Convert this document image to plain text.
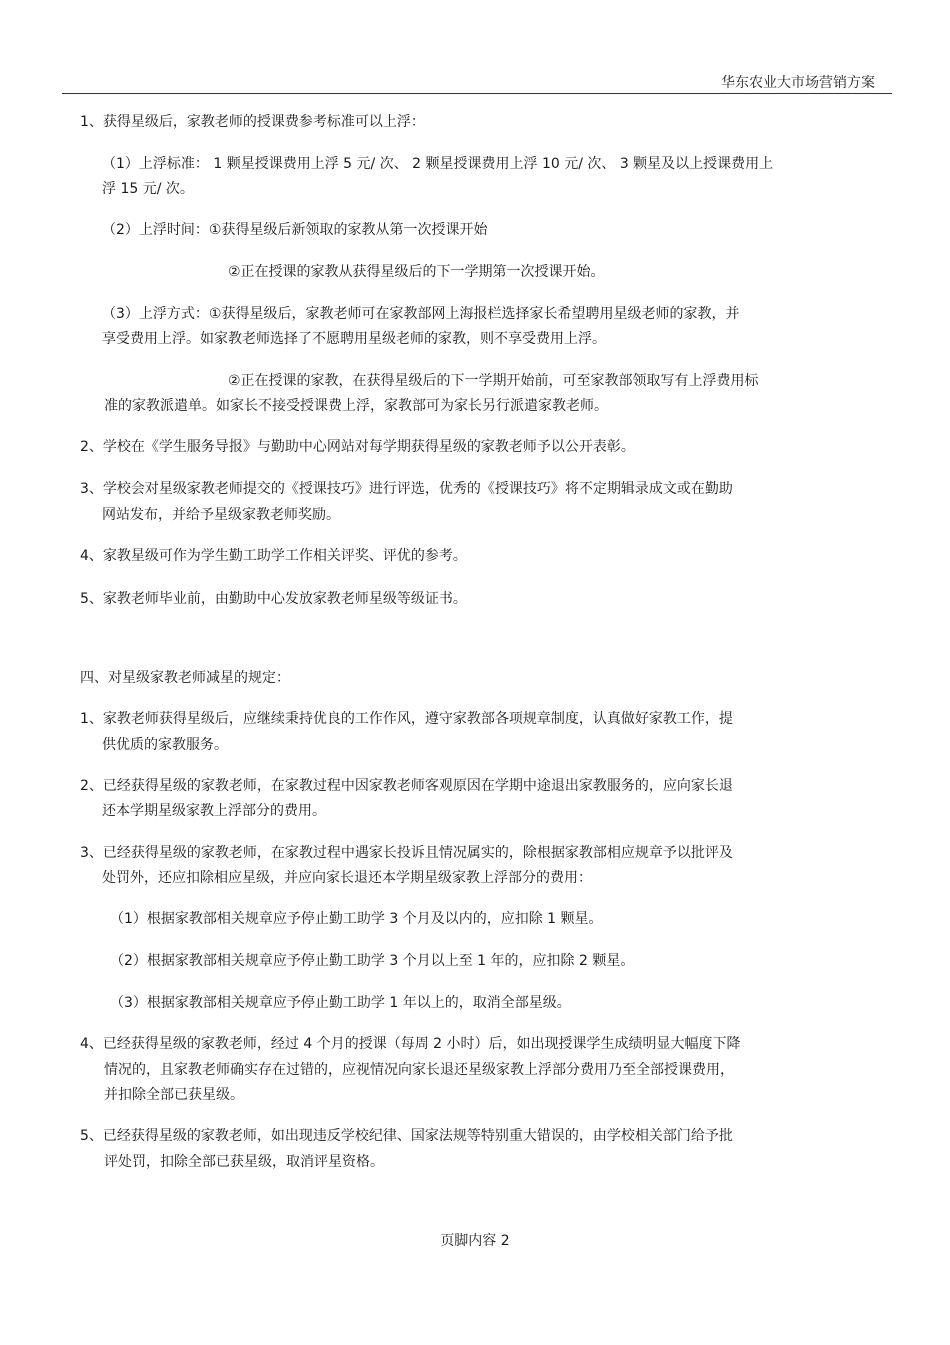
华东农业大市场营销方案
1、获得星级后，家教老师的授课费参考标准可以上浮：
（1）上浮标准： 1 颗星授课费用上浮 5 元/ 次、 2 颗星授课费用上浮 10 元/ 次、 3 颗星及以上授课费用上
浮 15 元/ 次。
（2）上浮时间：①获得星级后新领取的家教从第一次授课开始
②正在授课的家教从获得星级后的下一学期第一次授课开始。
（3）上浮方式：①获得星级后，家教老师可在家教部网上海报栏选择家长希望聘用星级老师的家教，并
享受费用上浮。如家教老师选择了不愿聘用星级老师的家教，则不享受费用上浮。
②正在授课的家教，在获得星级后的下一学期开始前，可至家教部领取写有上浮费用标
准的家教派遣单。如家长不接受授课费上浮，家教部可为家长另行派遣家教老师。
2、学校在《学生服务导报》与勤助中心网站对每学期获得星级的家教老师予以公开表彰。
3、学校会对星级家教老师提交的《授课技巧》进行评选，优秀的《授课技巧》将不定期辑录成文或在勤助
网站发布，并给予星级家教老师奖励。
4、家教星级可作为学生勤工助学工作相关评奖、评优的参考。
5、家教老师毕业前，由勤助中心发放家教老师星级等级证书。
四、对星级家教老师减星的规定：
1、家教老师获得星级后，应继续秉持优良的工作作风，遵守家教部各项规章制度，认真做好家教工作，提
供优质的家教服务。
2、已经获得星级的家教老师，在家教过程中因家教老师客观原因在学期中途退出家教服务的，应向家长退
还本学期星级家教上浮部分的费用。
3、已经获得星级的家教老师，在家教过程中遇家长投诉且情况属实的，除根据家教部相应规章予以批评及
处罚外，还应扣除相应星级，并应向家长退还本学期星级家教上浮部分的费用：
（1）根据家教部相关规章应予停止勤工助学 3 个月及以内的，应扣除 1 颗星。
（2）根据家教部相关规章应予停止勤工助学 3 个月以上至 1 年的，应扣除 2 颗星。
（3）根据家教部相关规章应予停止勤工助学 1 年以上的，取消全部星级。
4、已经获得星级的家教老师，经过 4 个月的授课（每周 2 小时）后，如出现授课学生成绩明显大幅度下降
情况的，且家教老师确实存在过错的，应视情况向家长退还星级家教上浮部分费用乃至全部授课费用，
并扣除全部已获星级。
5、已经获得星级的家教老师，如出现违反学校纪律、国家法规等特别重大错误的，由学校相关部门给予批
评处罚，扣除全部已获星级，取消评星资格。
页脚内容 2
